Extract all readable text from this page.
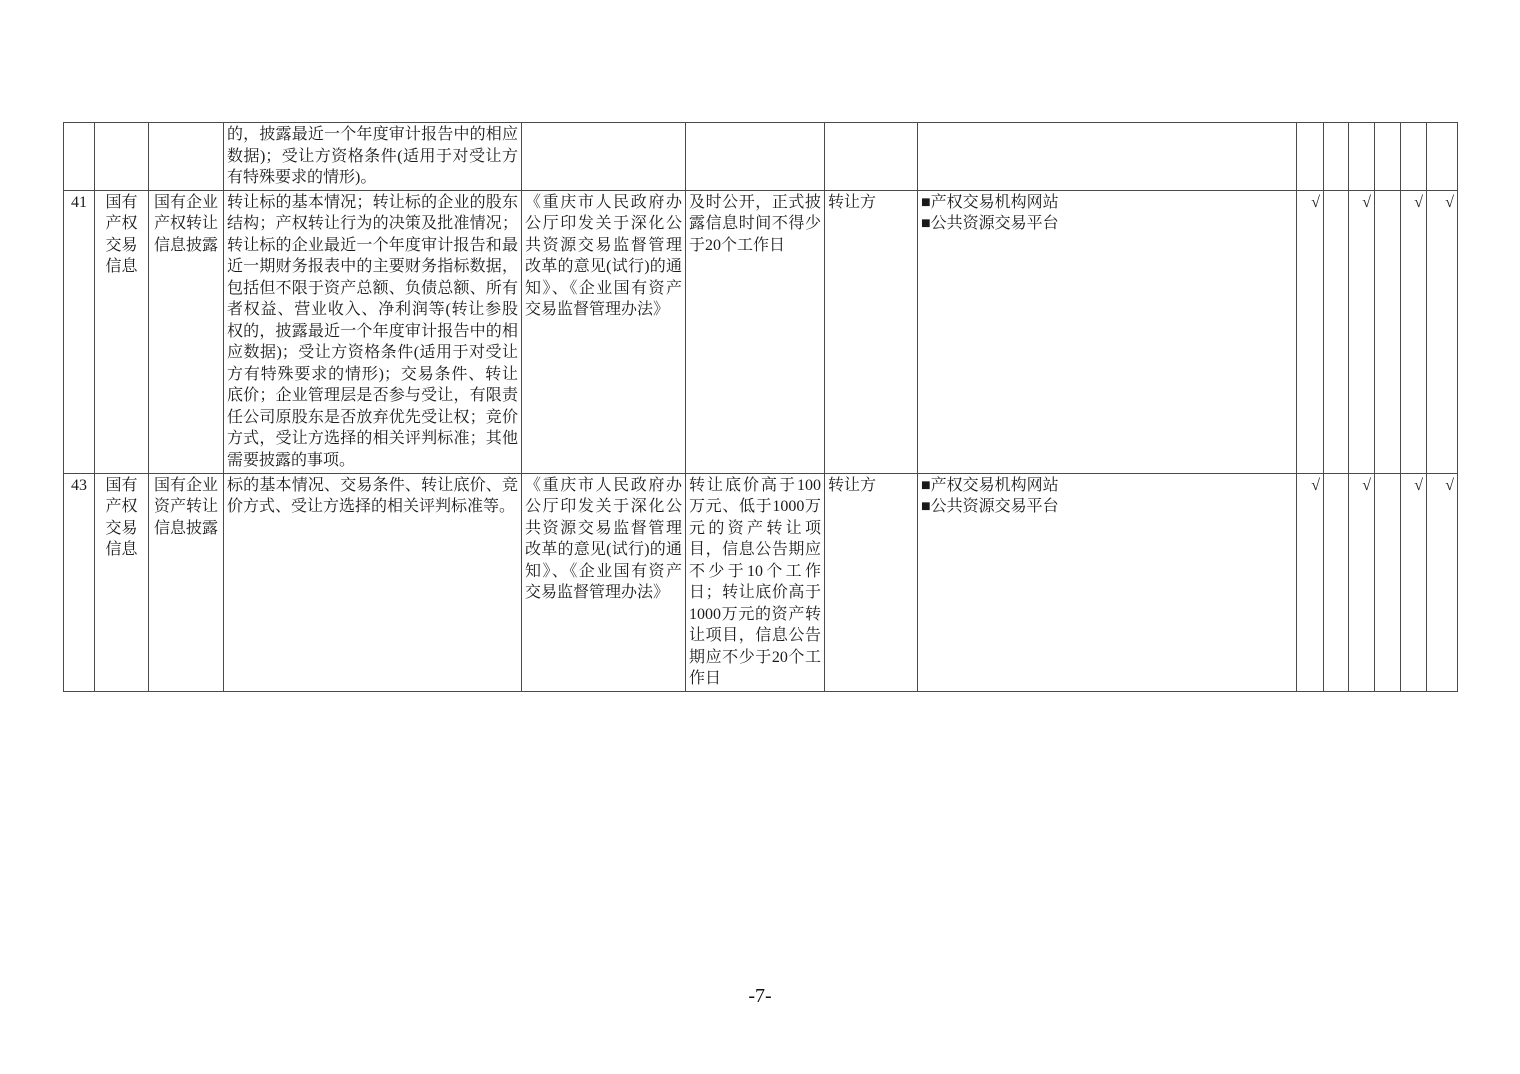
			的，披露最近一个年度审计报告中的相应数据)；受让方资格条件(适用于对受让方有特殊要求的情形)。										
41	国有产权交易信息	国有企业产权转让信息披露	转让标的基本情况；转让标的企业的股东结构；产权转让行为的决策及批准情况；转让标的企业最近一个年度审计报告和最近一期财务报表中的主要财务指标数据，包括但不限于资产总额、负债总额、所有者权益、营业收入、净利润等(转让参股权的，披露最近一个年度审计报告中的相应数据)；受让方资格条件(适用于对受让方有特殊要求的情形)；交易条件、转让底价；企业管理层是否参与受让，有限责任公司原股东是否放弃优先受让权；竞价方式，受让方选择的相关评判标准；其他需要披露的事项。	《重庆市人民政府办公厅印发关于深化公共资源交易监督管理改革的意见(试行)的通知》、《企业国有资产交易监督管理办法》	及时公开，正式披露信息时间不得少于20个工作日	转让方	■产权交易机构网站
■公共资源交易平台	√		√		√	√
43	国有产权交易信息	国有企业资产转让信息披露	标的基本情况、交易条件、转让底价、竞价方式、受让方选择的相关评判标准等。	《重庆市人民政府办公厅印发关于深化公共资源交易监督管理改革的意见(试行)的通知》、《企业国有资产交易监督管理办法》	转让底价高于100万元、低于1000万元的资产转让项目，信息公告期应不少于10个工作日；转让底价高于1000万元的资产转让项目，信息公告期应不少于20个工作日	转让方	■产权交易机构网站
■公共资源交易平台	√		√		√	√
-7-
